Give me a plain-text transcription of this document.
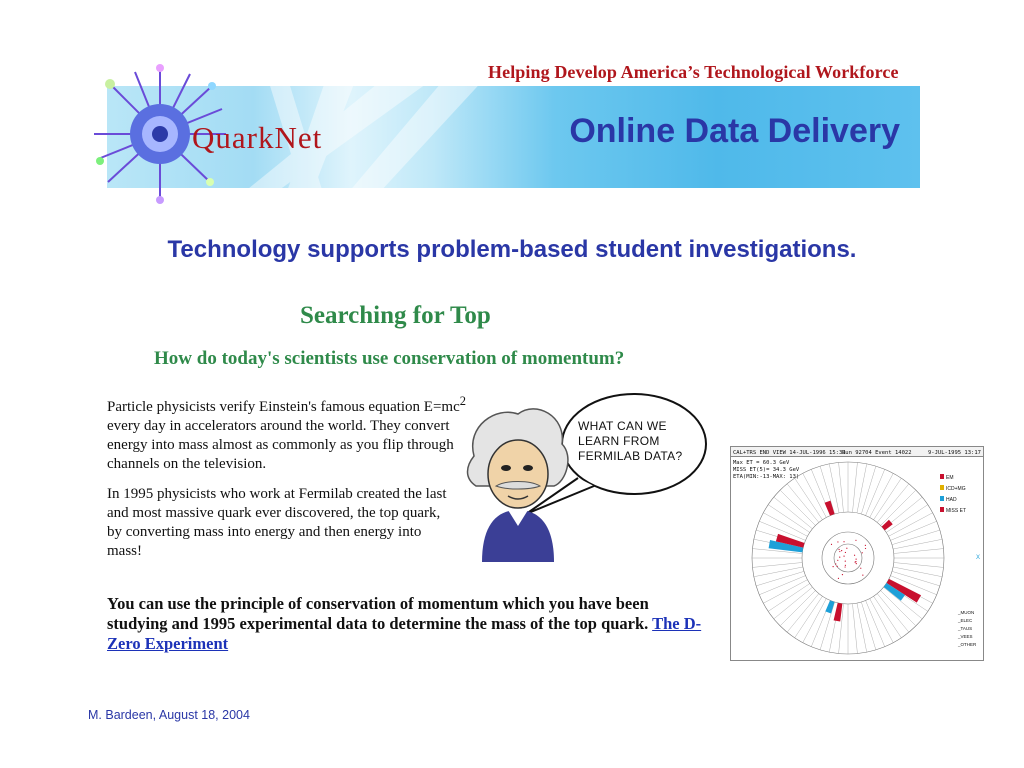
Helping Develop America’s Technological Workforce
QuarkNet	Online Data Delivery
Technology supports problem-based student investigations.
Searching for Top
How do today's scientists use conservation of momentum?
Particle physicists verify Einstein's famous equation $E=mc^2$ every day in accelerators around the world. They convert energy into mass almost as commonly as you flip through channels on the television.
In 1995 physicists who work at Fermilab created the last and most massive quark ever discovered, the top quark, by converting mass into energy and then energy into mass!
You can use the principle of conservation of momentum which you have been studying and 1995 experimental data to determine the mass of the top quark. The D-Zero Experiment
WHAT CAN WE LEARN FROM FERMILAB DATA?	CAL+TRS END VIEW 14-JUL-1996 15:33
Run 92704 Event 14022	9-JUL-1995 13:17
Max ET = 60.3 GeV
MISS ET(5)= 34.3 GeV
ETA(MIN:-13-MAX: 13)	EM
ICD+MG
HAD
MISS ET
_MUON
_ELEC
_TAUS
_VEES
_OTHER
X
M. Bardeen, August 18, 2004
